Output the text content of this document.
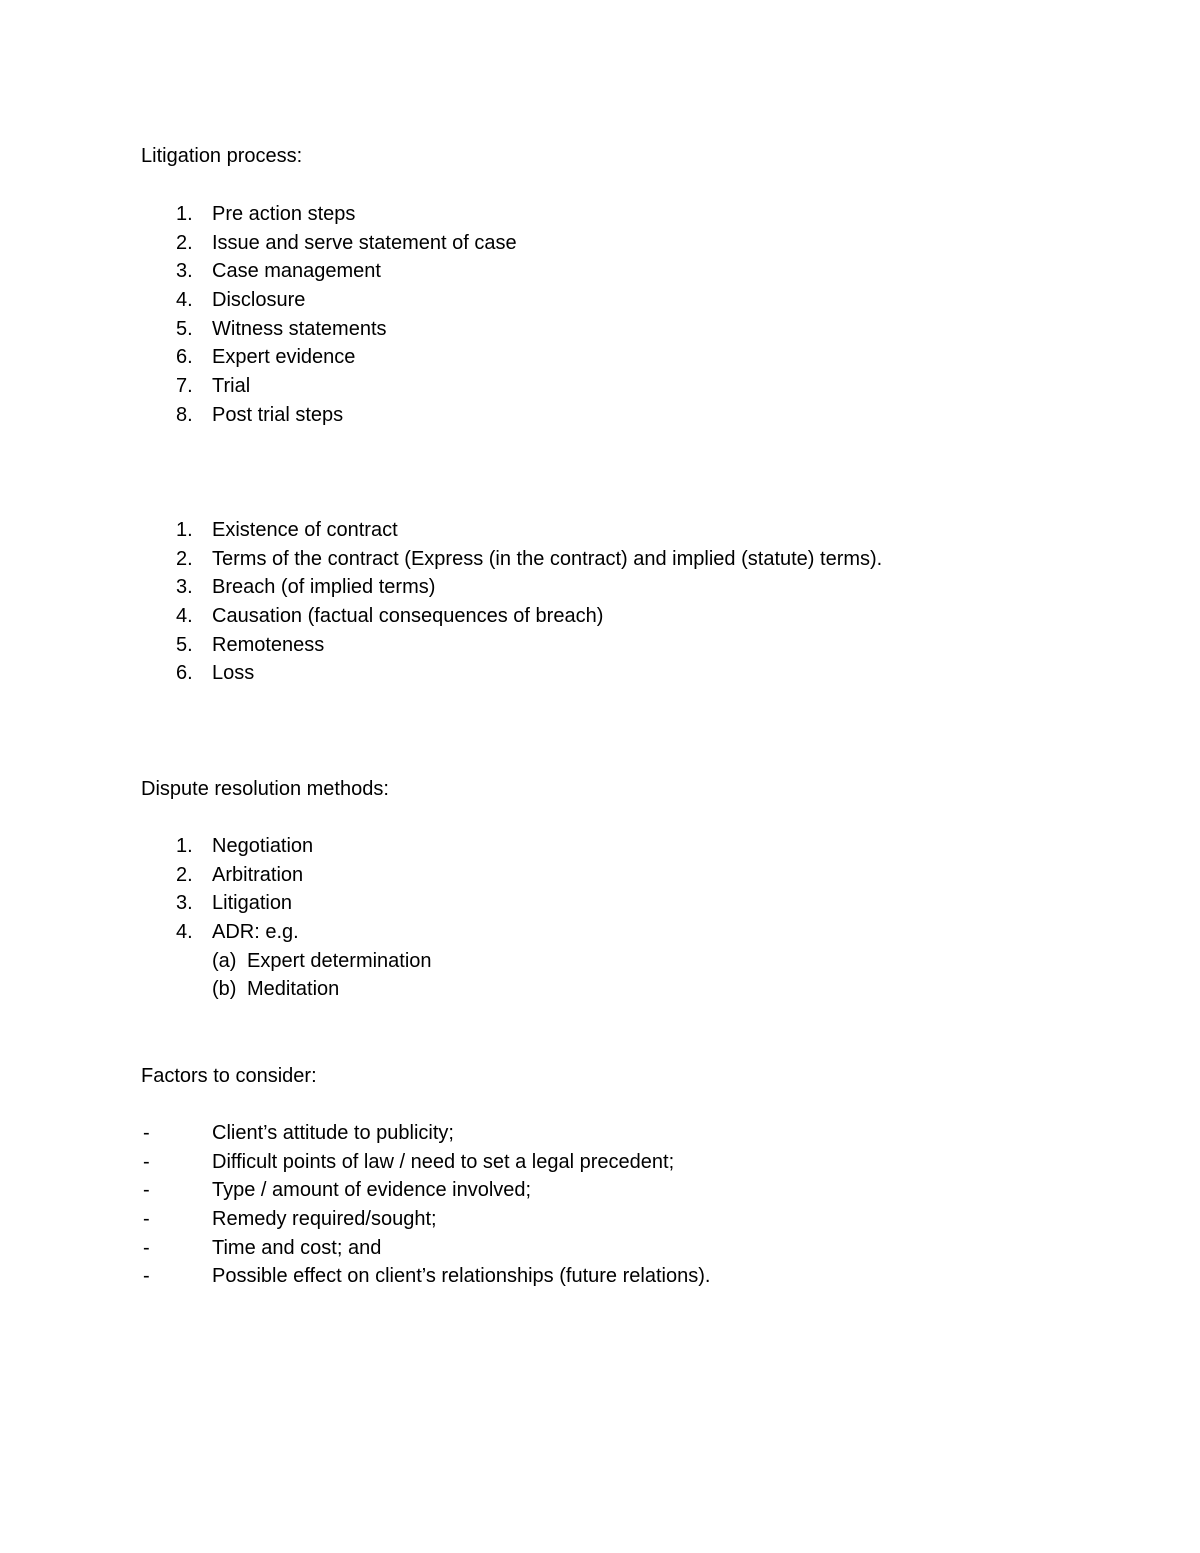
Litigation process:
1. Pre action steps
2. Issue and serve statement of case
3. Case management
4. Disclosure
5. Witness statements
6. Expert evidence
7. Trial
8. Post trial steps
1. Existence of contract
2. Terms of the contract (Express (in the contract) and implied (statute) terms).
3. Breach (of implied terms)
4. Causation (factual consequences of breach)
5. Remoteness
6. Loss
Dispute resolution methods:
1. Negotiation
2. Arbitration
3. Litigation
4. ADR: e.g.
(a) Expert determination
(b) Meditation
Factors to consider:
-	Client’s attitude to publicity;
-	Difficult points of law / need to set a legal precedent;
-	Type / amount of evidence involved;
-	Remedy required/sought;
-	Time and cost; and
-	Possible effect on client’s relationships (future relations).
